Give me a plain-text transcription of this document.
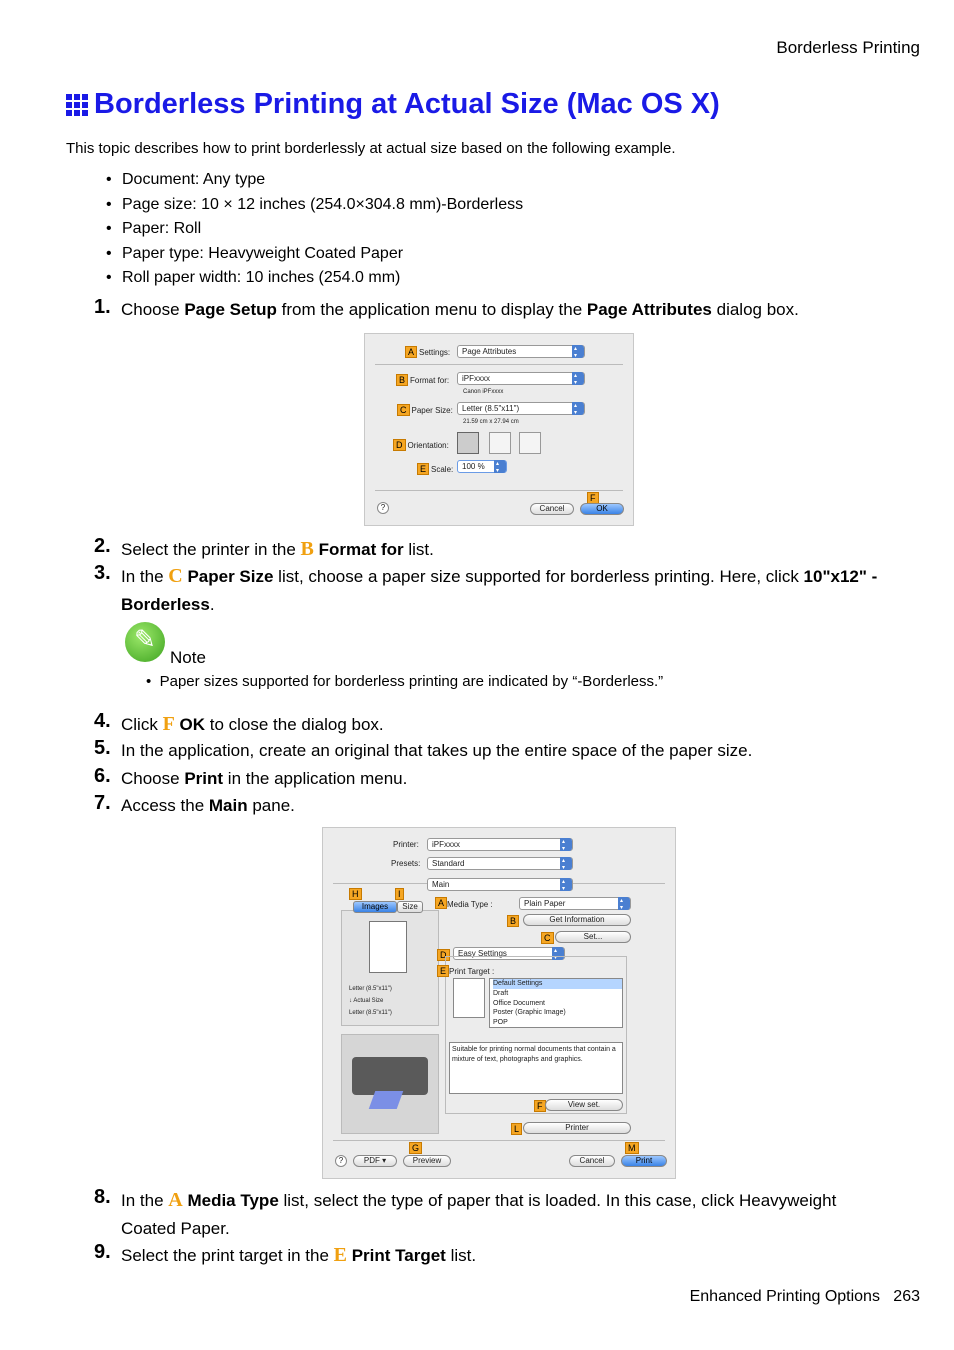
Borderless Printing
Borderless Printing at Actual Size (Mac OS X)
This topic describes how to print borderlessly at actual size based on the following example.
• Document: Any type
• Page size: 10 × 12 inches (254.0×304.8 mm)-Borderless
• Paper: Roll
• Paper type: Heavyweight Coated Paper
• Roll paper width: 10 inches (254.0 mm)
1. Choose Page Setup from the application menu to display the Page Attributes dialog box.
A Settings:	Page Attributes ▴▾
B Format for:	iPFxxxx ▴▾
Canon iPFxxxx
C Paper Size:	Letter (8.5"x11") ▴▾
21.59 cm x 27.94 cm
D Orientation:
E Scale:	100 % ▴▾
?
F
Cancel	OK
2. Select the printer in the B Format for list.
3. In the C Paper Size list, choose a paper size supported for borderless printing. Here, click 10"x12" - Borderless.
✎
Note
•  Paper sizes supported for borderless printing are indicated by “-Borderless.”
4. Click F OK to close the dialog box.
5. In the application, create an original that takes up the entire space of the paper size.
6. Choose Print in the application menu.
7. Access the Main pane.
Printer:	iPFxxxx ▴▾
Presets:	Standard ▴▾
Main ▴▾
H	I
Images	Size
Letter (8.5"x11")
↓ Actual Size
Letter (8.5"x11")
A Media Type :	Plain Paper ▴▾
B	Get Information
C	Set...
D	Easy Settings ▴▾
E Print Target :
Default Settings
Draft
Office Document
Poster (Graphic Image)
POP
Suitable for printing normal documents that contain a mixture of text, photographs and graphics.
F	View set.
L	Printer
G	M
?	PDF ▾	Preview	Cancel	Print
8. In the A Media Type list, select the type of paper that is loaded. In this case, click Heavyweight Coated Paper.
9. Select the print target in the E Print Target list.
Enhanced Printing Options 263
